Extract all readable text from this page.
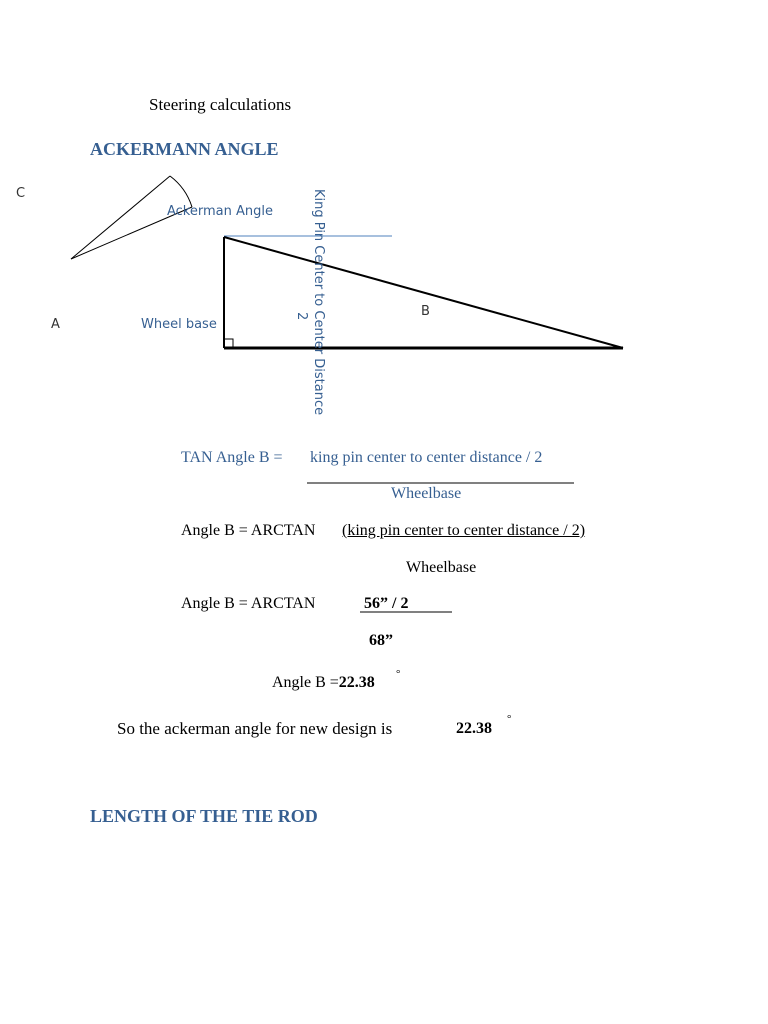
Steering calculations
ACKERMANN ANGLE
C
A
B
Ackerman Angle
Wheel base	King Pin Center to Center Distance
2
TAN Angle B = king pin center to center distance / 2
Wheelbase
Angle B = ARCTAN (king pin center to center distance / 2)
Wheelbase
Angle B = ARCTAN	56” / 2
68”
Angle B =22.38 °
So the ackerman angle for new design is	22.38
°
LENGTH OF THE TIE ROD
